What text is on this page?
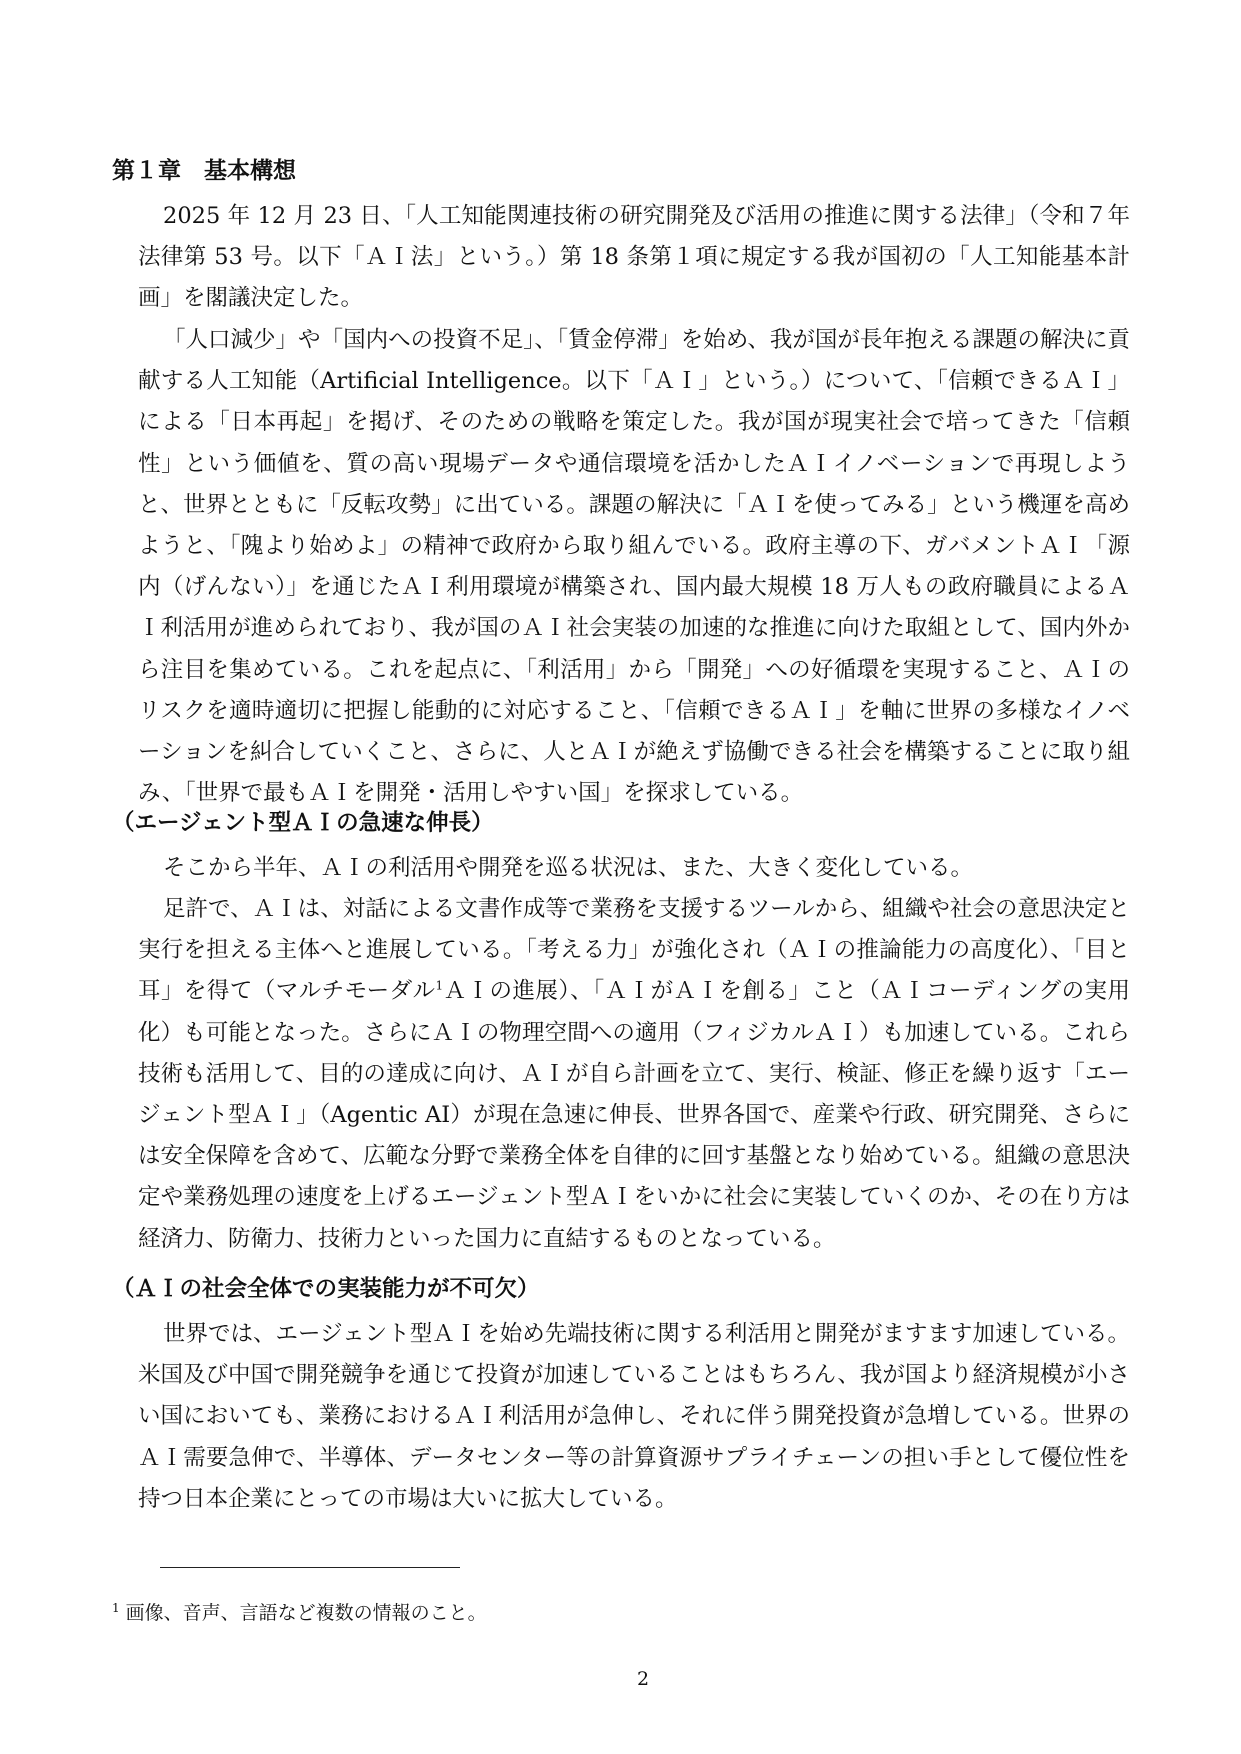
第１章　基本構想

2025 年 12 月 23 日、「人工知能関連技術の研究開発及び活用の推進に関する法律」（令和７年法律第 53 号。以下「ＡＩ法」という。）第 18 条第１項に規定する我が国初の「人工知能基本計画」を閣議決定した。

「人口減少」や「国内への投資不足」、「賃金停滞」を始め、我が国が長年抱える課題の解決に貢献する人工知能（Artificial Intelligence。以下「ＡＩ」という。）について、「信頼できるＡＩ」による「日本再起」を掲げ、そのための戦略を策定した。我が国が現実社会で培ってきた「信頼性」という価値を、質の高い現場データや通信環境を活かしたＡＩイノベーションで再現しようと、世界とともに「反転攻勢」に出ている。課題の解決に「ＡＩを使ってみる」という機運を高めようと、「隗より始めよ」の精神で政府から取り組んでいる。政府主導の下、ガバメントＡＩ「源内（げんない）」を通じたＡＩ利用環境が構築され、国内最大規模 18 万人もの政府職員によるＡＩ利活用が進められており、我が国のＡＩ社会実装の加速的な推進に向けた取組として、国内外から注目を集めている。これを起点に、「利活用」から「開発」への好循環を実現すること、ＡＩのリスクを適時適切に把握し能動的に対応すること、「信頼できるＡＩ」を軸に世界の多様なイノベーションを糾合していくこと、さらに、人とＡＩが絶えず協働できる社会を構築することに取り組み、「世界で最もＡＩを開発・活用しやすい国」を探求している。

（エージェント型ＡＩの急速な伸長）

そこから半年、ＡＩの利活用や開発を巡る状況は、また、大きく変化している。

足許で、ＡＩは、対話による文書作成等で業務を支援するツールから、組織や社会の意思決定と実行を担える主体へと進展している。「考える力」が強化され（ＡＩの推論能力の高度化）、「目と耳」を得て（マルチモーダル$^1$ＡＩの進展）、「ＡＩがＡＩを創る」こと（ＡＩコーディングの実用化）も可能となった。さらにＡＩの物理空間への適用（フィジカルＡＩ）も加速している。これら技術も活用して、目的の達成に向け、ＡＩが自ら計画を立て、実行、検証、修正を繰り返す「エージェント型ＡＩ」（Agentic AI）が現在急速に伸長、世界各国で、産業や行政、研究開発、さらには安全保障を含めて、広範な分野で業務全体を自律的に回す基盤となり始めている。組織の意思決定や業務処理の速度を上げるエージェント型ＡＩをいかに社会に実装していくのか、その在り方は経済力、防衛力、技術力といった国力に直結するものとなっている。

（ＡＩの社会全体での実装能力が不可欠）

世界では、エージェント型ＡＩを始め先端技術に関する利活用と開発がますます加速している。米国及び中国で開発競争を通じて投資が加速していることはもちろん、我が国より経済規模が小さい国においても、業務におけるＡＩ利活用が急伸し、それに伴う開発投資が急増している。世界のＡＩ需要急伸で、半導体、データセンター等の計算資源サプライチェーンの担い手として優位性を持つ日本企業にとっての市場は大いに拡大している。

$^1$ 画像、音声、言語など複数の情報のこと。

2
